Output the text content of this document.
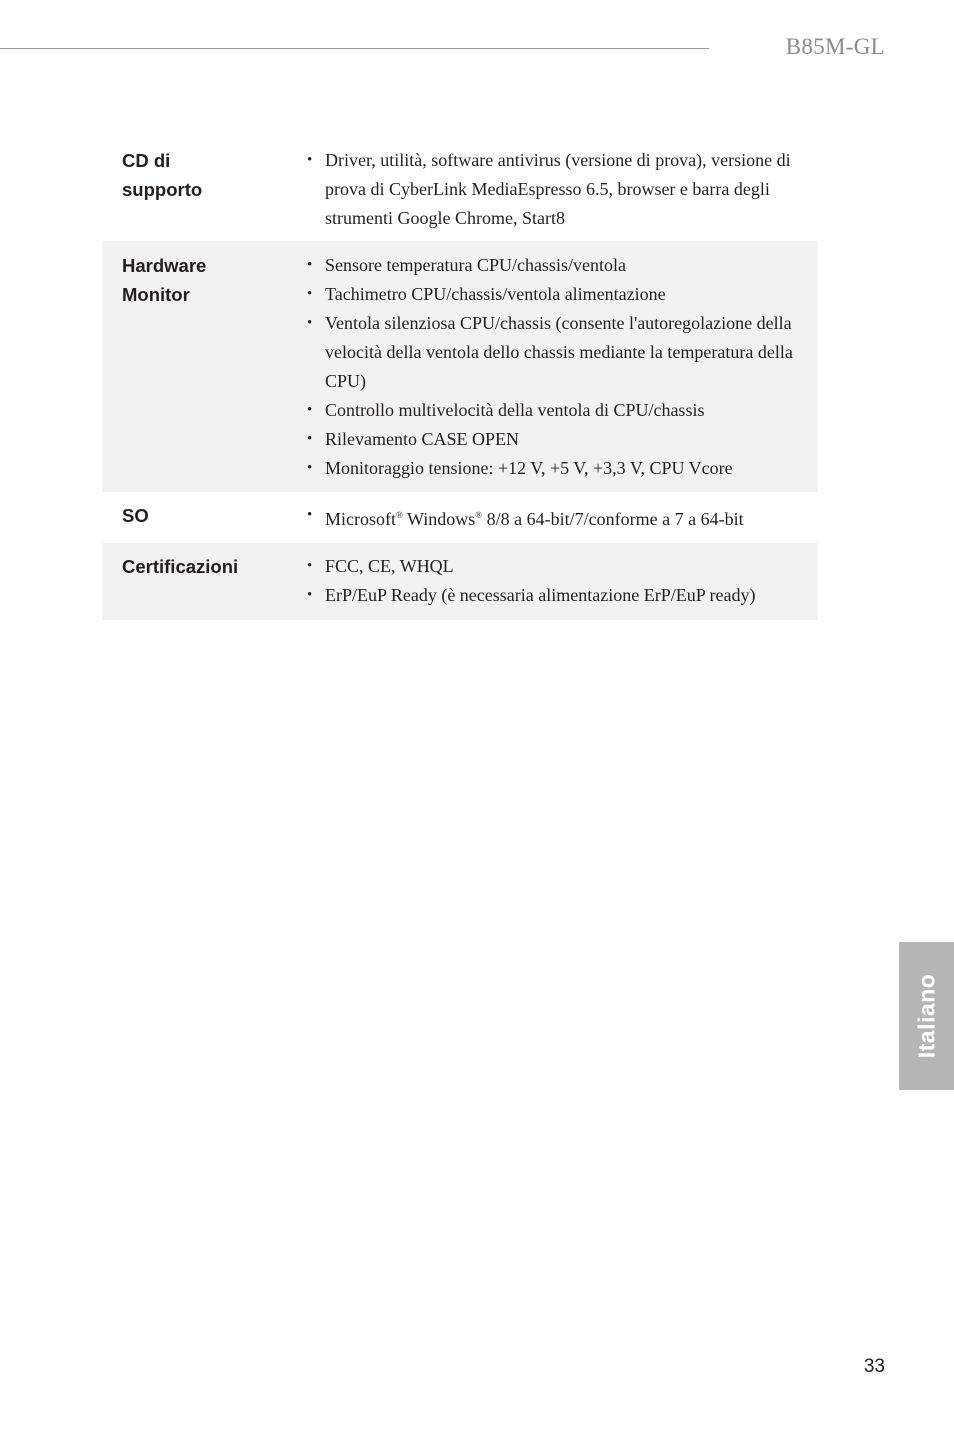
B85M-GL
CD di
supporto
• Driver, utilità, software antivirus (versione di prova), versione di prova di CyberLink MediaEspresso 6.5, browser e barra degli strumenti Google Chrome, Start8
Hardware
Monitor
• Sensore temperatura CPU/chassis/ventola
• Tachimetro CPU/chassis/ventola alimentazione
• Ventola silenziosa CPU/chassis (consente l'autoregolazione della velocità della ventola dello chassis mediante la temperatura della CPU)
• Controllo multivelocità della ventola di CPU/chassis
• Rilevamento CASE OPEN
• Monitoraggio tensione: +12 V, +5 V, +3,3 V, CPU Vcore
SO	• Microsoft® Windows® 8/8 a 64-bit/7/conforme a 7 a 64-bit
Certificazioni	• FCC, CE, WHQL
• ErP/EuP Ready (è necessaria alimentazione ErP/EuP ready)
Italiano
33
